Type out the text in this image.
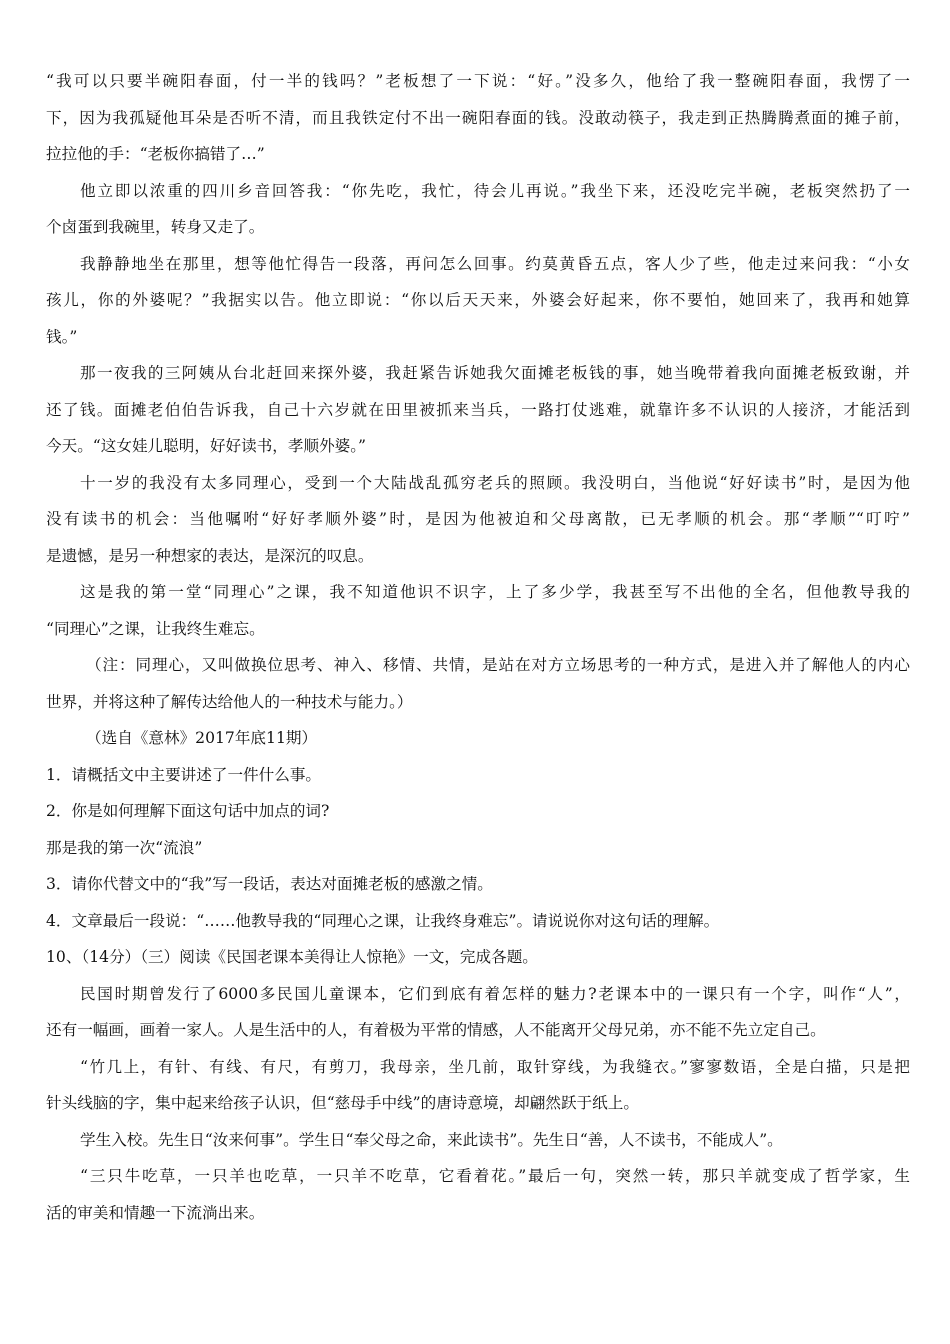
“我可以只要半碗阳春面，付一半的钱吗？”老板想了一下说：“好。”没多久，他给了我一整碗阳春面，我愣了一
下，因为我孤疑他耳朵是否听不清，而且我铁定付不出一碗阳春面的钱。没敢动筷子，我走到正热腾腾煮面的摊子前，
拉拉他的手：“老板你搞错了…”
他立即以浓重的四川乡音回答我：“你先吃，我忙，待会儿再说。”我坐下来，还没吃完半碗，老板突然扔了一
个卤蛋到我碗里，转身又走了。
我静静地坐在那里，想等他忙得告一段落，再问怎么回事。约莫黄昏五点，客人少了些，他走过来问我：“小女
孩儿，你的外婆呢？”我据实以告。他立即说：“你以后天天来，外婆会好起来，你不要怕，她回来了，我再和她算
钱。”
那一夜我的三阿姨从台北赶回来探外婆，我赶紧告诉她我欠面摊老板钱的事，她当晚带着我向面摊老板致谢，并
还了钱。面摊老伯伯告诉我，自己十六岁就在田里被抓来当兵，一路打仗逃难，就靠许多不认识的人接济，才能活到
今天。“这女娃儿聪明，好好读书，孝顺外婆。”
十一岁的我没有太多同理心，受到一个大陆战乱孤穷老兵的照顾。我没明白，当他说“好好读书”时，是因为他
没有读书的机会：当他嘱咐“好好孝顺外婆”时，是因为他被迫和父母离散，已无孝顺的机会。那“孝顺”“叮咛”
是遗憾，是另一种想家的表达，是深沉的叹息。
这是我的第一堂“同理心”之课，我不知道他识不识字，上了多少学，我甚至写不出他的全名，但他教导我的
“同理心”之课，让我终生难忘。
（注：同理心，又叫做换位思考、神入、移情、共情，是站在对方立场思考的一种方式，是进入并了解他人的内心
世界，并将这种了解传达给他人的一种技术与能力。）
（选自《意林》2017年底11期）
1．请概括文中主要讲述了一件什么事。
2．你是如何理解下面这句话中加点的词?
那是我的第一次“流浪”
3．请你代替文中的“我”写一段话，表达对面摊老板的感激之情。
4．文章最后一段说：“……他教导我的“同理心之课，让我终身难忘”。请说说你对这句话的理解。
10、（14分）（三）阅读《民国老课本美得让人惊艳》一文，完成各题。
民国时期曾发行了6000多民国儿童课本，它们到底有着怎样的魅力?老课本中的一课只有一个字，叫作“人”，
还有一幅画，画着一家人。人是生活中的人，有着极为平常的情感，人不能离开父母兄弟，亦不能不先立定自己。
“竹几上，有针、有线、有尺，有剪刀，我母亲，坐几前，取针穿线，为我缝衣。”寥寥数语，全是白描，只是把
针头线脑的字，集中起来给孩子认识，但“慈母手中线”的唐诗意境，却翩然跃于纸上。
学生入校。先生日“汝来何事”。学生日“奉父母之命，来此读书”。先生日“善，人不读书，不能成人”。
“三只牛吃草，一只羊也吃草，一只羊不吃草，它看着花。”最后一句，突然一转，那只羊就变成了哲学家，生
活的审美和情趣一下流淌出来。
